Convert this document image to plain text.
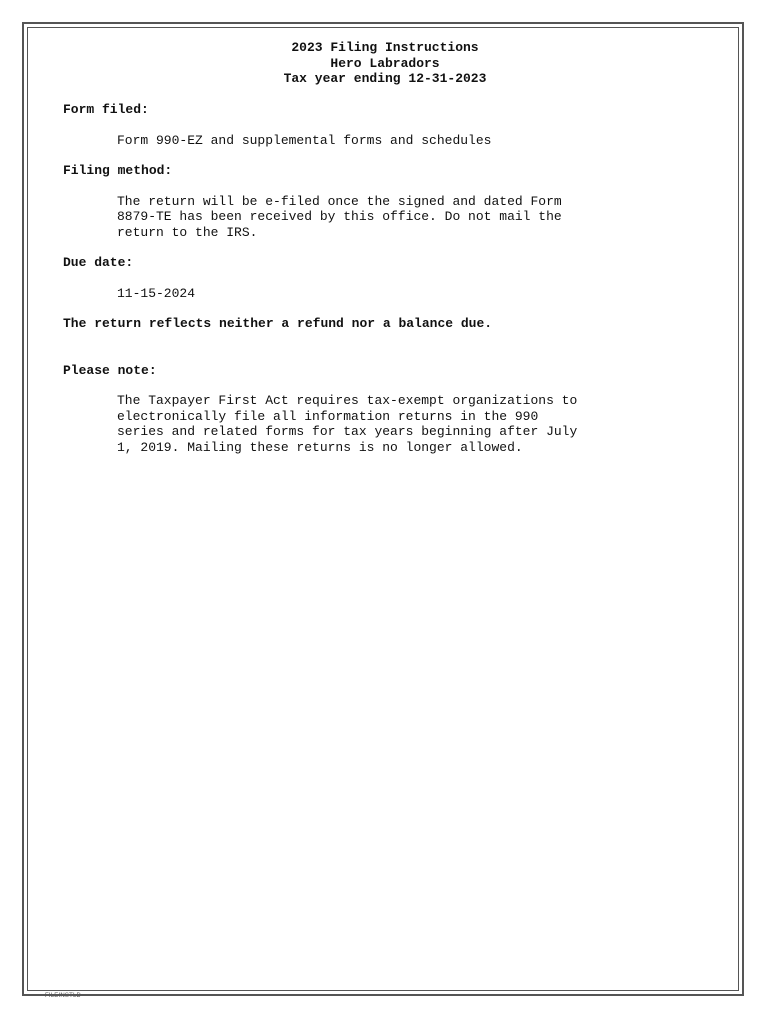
2023 Filing Instructions
Hero Labradors
Tax year ending 12-31-2023

Form filed:

Form 990-EZ and supplemental forms and schedules

Filing method:

The return will be e-filed once the signed and dated Form
8879-TE has been received by this office. Do not mail the
return to the IRS.

Due date:

11-15-2024

The return reflects neither a refund nor a balance due.

Please note:

The Taxpayer First Act requires tax-exempt organizations to
electronically file all information returns in the 990
series and related forms for tax years beginning after July
1, 2019. Mailing these returns is no longer allowed.
FILEINSTLD
